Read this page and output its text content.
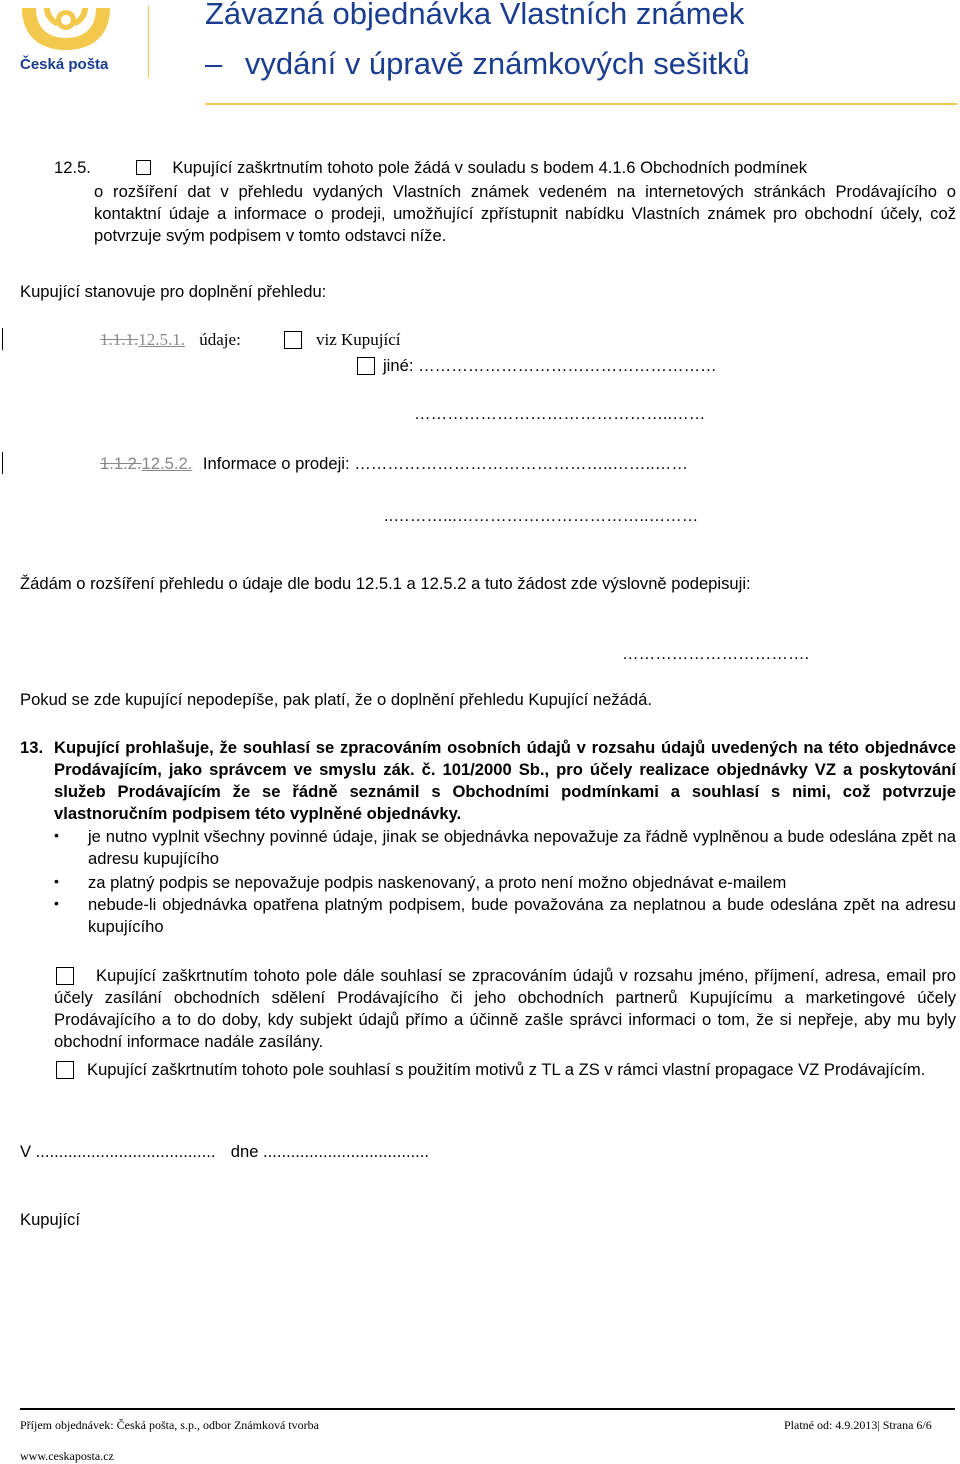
Česká pošta
Závazná objednávka Vlastních známek
– vydání v úpravě známkových sešitků
12.5.	Kupující zaškrtnutím tohoto pole žádá v souladu s bodem 4.1.6 Obchodních podmínek
o rozšíření dat v přehledu vydaných Vlastních známek vedeném na internetových stránkách Prodávajícího o kontaktní údaje a informace o prodeji, umožňující zpřístupnit nabídku Vlastních známek pro obchodní účely, což potvrzuje svým podpisem v tomto odstavci níže.
Kupující stanovuje pro doplnění přehledu:
1.1.1.12.5.1. údaje:	viz Kupující
jiné: ………………………………………………
………………………………………..……
1.1.2.12.5.2. Informace o prodeji: ………………………………………..……..……
..………...……………………………..………
Žádám o rozšíření přehledu o údaje dle bodu 12.5.1 a 12.5.2 a tuto žádost zde výslovně podepisuji:
…………………………….
Pokud se zde kupující nepodepíše, pak platí, že o doplnění přehledu Kupující nežádá.
13. Kupující prohlašuje, že souhlasí se zpracováním osobních údajů v rozsahu údajů uvedených na této objednávce Prodávajícím, jako správcem ve smyslu zák. č. 101/2000 Sb., pro účely realizace objednávky VZ a poskytování služeb Prodávajícím že se řádně seznámil s Obchodními podmínkami a souhlasí s nimi, což potvrzuje vlastnoručním podpisem této vyplněné objednávky.
• je nutno vyplnit všechny povinné údaje, jinak se objednávka nepovažuje za řádně vyplněnou a bude odeslána zpět na adresu kupujícího
• za platný podpis se nepovažuje podpis naskenovaný, a proto není možno objednávat e-mailem
• nebude-li objednávka opatřena platným podpisem, bude považována za neplatnou a bude odeslána zpět na adresu kupujícího
Kupující zaškrtnutím tohoto pole dále souhlasí se zpracováním údajů v rozsahu jméno, příjmení, adresa, email pro účely zasílání obchodních sdělení Prodávajícího či jeho obchodních partnerů Kupujícímu a marketingové účely Prodávajícího a to do doby, kdy subjekt údajů přímo a účinně zašle správci informaci o tom, že si nepřeje, aby mu byly obchodní informace nadále zasílány.
Kupující zaškrtnutím tohoto pole souhlasí s použitím motivů z TL a ZS v rámci vlastní propagace VZ Prodávajícím.
V ....................................... dne ....................................
Kupující
Příjem objednávek: Česká pošta, s.p., odbor Známková tvorba	Platné od: 4.9.2013| Strana 6/6
www.ceskaposta.cz
